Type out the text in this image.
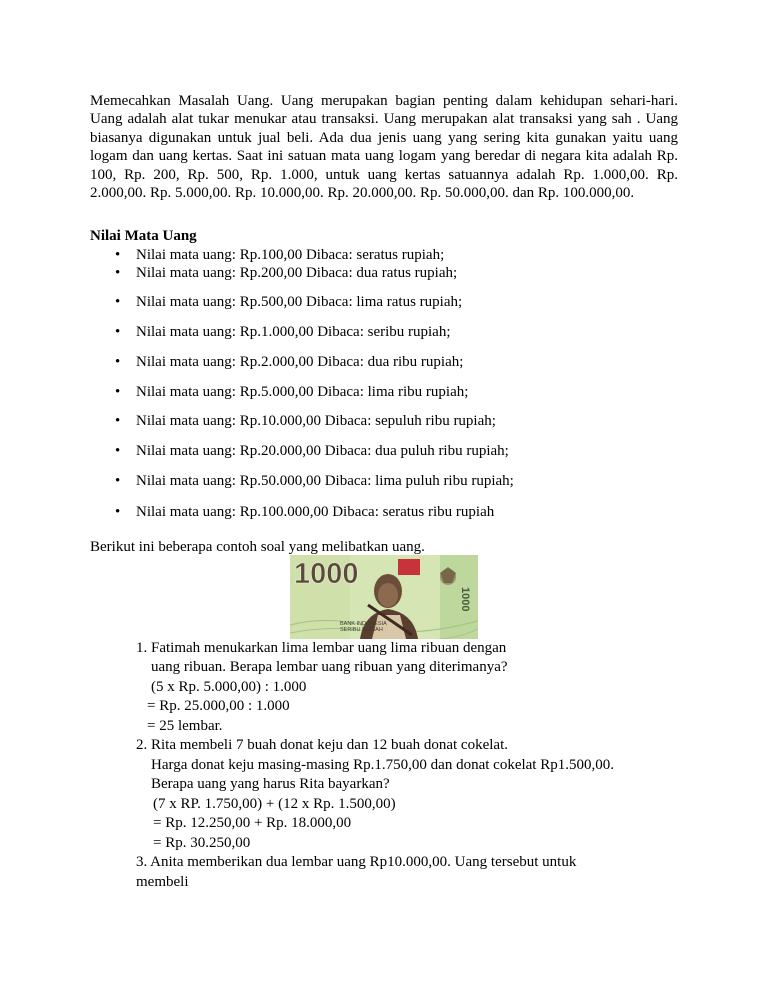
Memecahkan Masalah Uang. Uang merupakan bagian penting dalam kehidupan sehari-hari. Uang adalah alat tukar menukar atau transaksi. Uang merupakan alat transaksi yang sah . Uang biasanya digunakan untuk jual beli. Ada dua jenis uang yang sering kita gunakan yaitu uang logam dan uang kertas. Saat ini satuan mata uang logam yang beredar di negara kita adalah Rp. 100, Rp. 200, Rp. 500, Rp. 1.000, untuk uang kertas satuannya adalah Rp. 1.000,00. Rp. 2.000,00. Rp. 5.000,00. Rp. 10.000,00. Rp. 20.000,00. Rp. 50.000,00. dan Rp. 100.000,00.

Nilai Mata Uang

• Nilai mata uang: Rp.100,00 Dibaca: seratus rupiah;
• Nilai mata uang: Rp.200,00 Dibaca: dua ratus rupiah;
• Nilai mata uang: Rp.500,00 Dibaca: lima ratus rupiah;
• Nilai mata uang: Rp.1.000,00 Dibaca: seribu rupiah;
• Nilai mata uang: Rp.2.000,00 Dibaca: dua ribu rupiah;
• Nilai mata uang: Rp.5.000,00 Dibaca: lima ribu rupiah;
• Nilai mata uang: Rp.10.000,00 Dibaca: sepuluh ribu rupiah;
• Nilai mata uang: Rp.20.000,00 Dibaca: dua puluh ribu rupiah;
• Nilai mata uang: Rp.50.000,00 Dibaca: lima puluh ribu rupiah;
• Nilai mata uang: Rp.100.000,00 Dibaca: seratus ribu rupiah

Berikut ini beberapa contoh soal yang melibatkan uang.

1000
1000
BANK INDONESIA
SERIBU RUPIAH
1. Fatimah menukarkan lima lembar uang lima ribuan dengan
uang ribuan. Berapa lembar uang ribuan yang diterimanya?
(5 x Rp. 5.000,00) : 1.000
= Rp. 25.000,00 : 1.000
= 25 lembar.
2. Rita membeli 7 buah donat keju dan 12 buah donat cokelat.
Harga donat keju masing-masing Rp.1.750,00 dan donat cokelat Rp1.500,00.
Berapa uang yang harus Rita bayarkan?
(7 x RP. 1.750,00) + (12 x Rp. 1.500,00)
= Rp. 12.250,00 + Rp. 18.000,00
= Rp. 30.250,00
3. Anita memberikan dua lembar uang Rp10.000,00. Uang tersebut untuk
membeli
